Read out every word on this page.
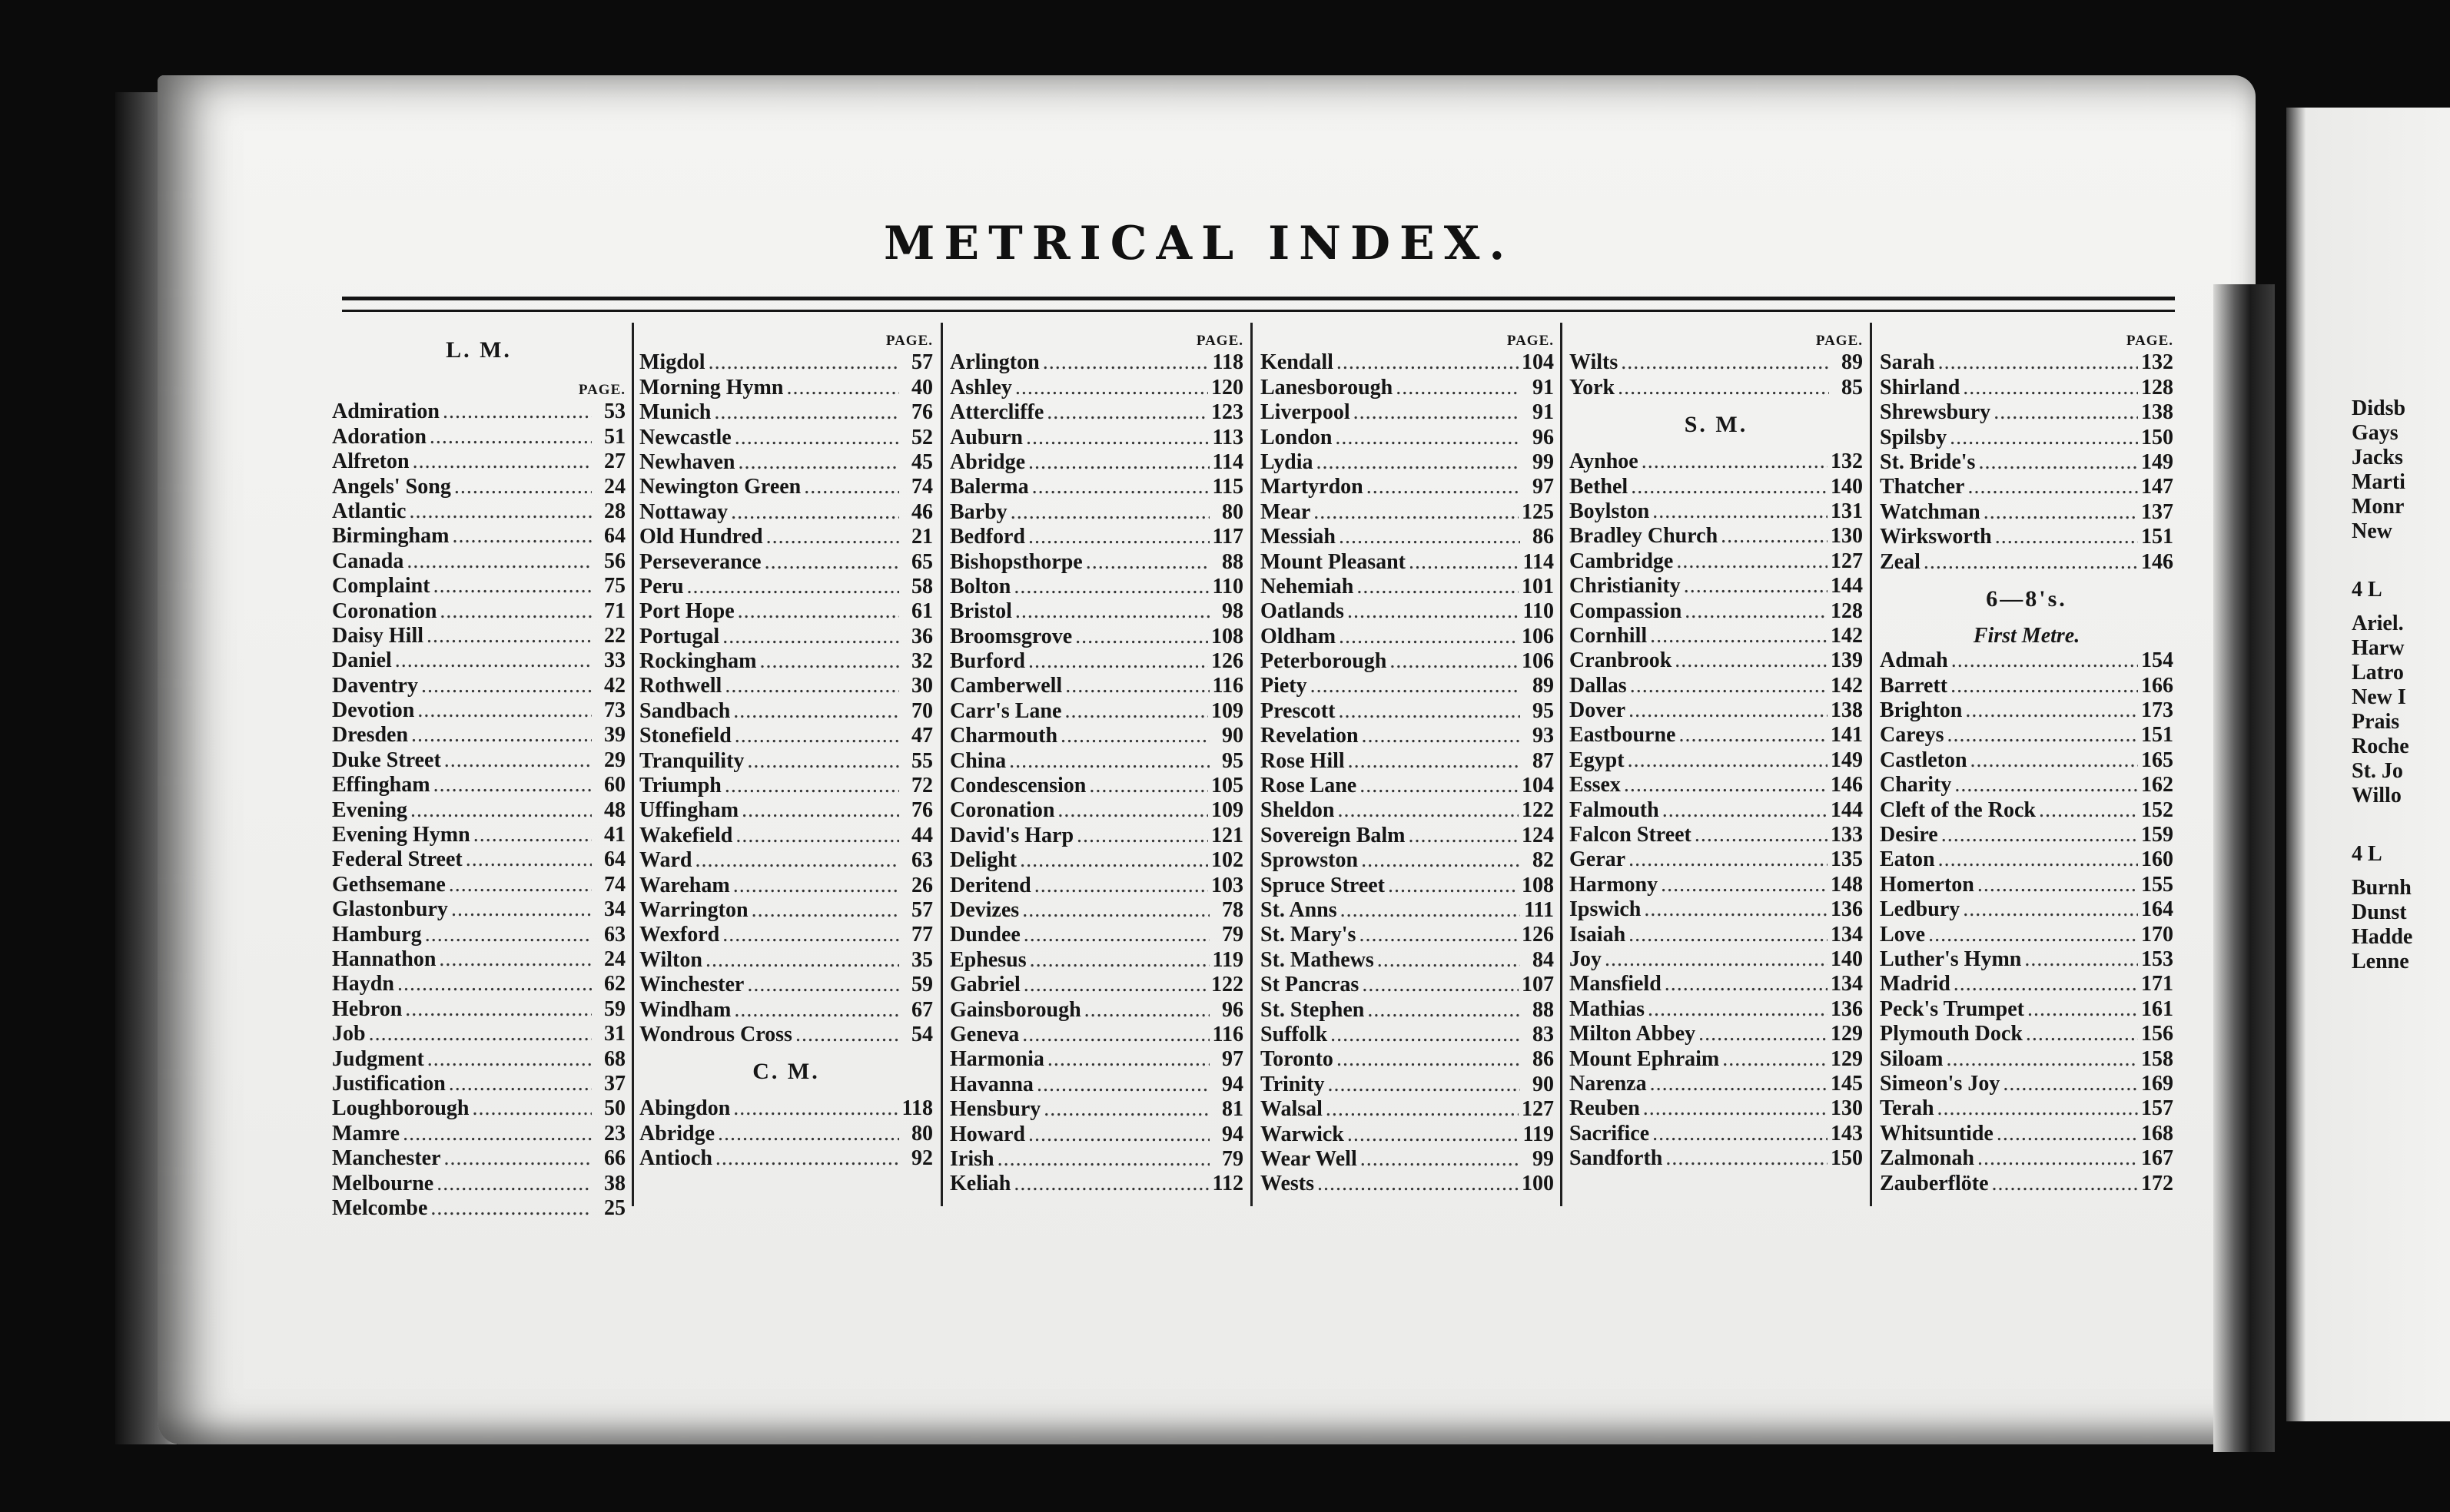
METRICAL INDEX.
L. M.
PAGE.
Admiration .....	53
Adoration .....	51
Alfreton .....	27
Angels' Song .....	24
Atlantic .....	28
Birmingham .....	64
Canada .....	56
Complaint .....	75
Coronation .....	71
Daisy Hill .....	22
Daniel .....	33
Daventry .....	42
Devotion .....	73
Dresden .....	39
Duke Street .....	29
Effingham .....	60
Evening .....	48
Evening Hymn .....	41
Federal Street .....	64
Gethsemane .....	74
Glastonbury .....	34
Hamburg .....	63
Hannathon .....	24
Haydn .....	62
Hebron .....	59
Job .....	31
Judgment .....	68
Justification .....	37
Loughborough .....	50
Mamre .....	23
Manchester .....	66
Melbourne .....	38
Melcombe .....	25
PAGE.
Migdol .....	57
Morning Hymn .....	40
Munich .....	76
Newcastle .....	52
Newhaven .....	45
Newington Green .....	74
Nottaway .....	46
Old Hundred .....	21
Perseverance .....	65
Peru .....	58
Port Hope .....	61
Portugal .....	36
Rockingham .....	32
Rothwell .....	30
Sandbach .....	70
Stonefield .....	47
Tranquility .....	55
Triumph .....	72
Uffingham .....	76
Wakefield .....	44
Ward .....	63
Wareham .....	26
Warrington .....	57
Wexford .....	77
Wilton .....	35
Winchester .....	59
Windham .....	67
Wondrous Cross .....	54
C. M.
Abingdon .....	118
Abridge .....	80
Antioch .....	92
PAGE.
Arlington .....	118
Ashley .....	120
Attercliffe .....	123
Auburn .....	113
Abridge .....	114
Balerma .....	115
Barby .....	80
Bedford .....	117
Bishopsthorpe .....	88
Bolton .....	110
Bristol .....	98
Broomsgrove .....	108
Burford .....	126
Camberwell .....	116
Carr's Lane .....	109
Charmouth .....	90
China .....	95
Condescension .....	105
Coronation .....	109
David's Harp .....	121
Delight .....	102
Deritend .....	103
Devizes .....	78
Dundee .....	79
Ephesus .....	119
Gabriel .....	122
Gainsborough .....	96
Geneva .....	116
Harmonia .....	97
Havanna .....	94
Hensbury .....	81
Howard .....	94
Irish .....	79
Keliah .....	112
PAGE.
Kendall .....	104
Lanesborough .....	91
Liverpool .....	91
London .....	96
Lydia .....	99
Martyrdon .....	97
Mear .....	125
Messiah .....	86
Mount Pleasant .....	114
Nehemiah .....	101
Oatlands .....	110
Oldham .....	106
Peterborough .....	106
Piety .....	89
Prescott .....	95
Revelation .....	93
Rose Hill .....	87
Rose Lane .....	104
Sheldon .....	122
Sovereign Balm .....	124
Sprowston .....	82
Spruce Street .....	108
St. Anns .....	111
St. Mary's .....	126
St. Mathews .....	84
St Pancras .....	107
St. Stephen .....	88
Suffolk .....	83
Toronto .....	86
Trinity .....	90
Walsal .....	127
Warwick .....	119
Wear Well .....	99
Wests .....	100
PAGE.
Wilts .....	89
York .....	85
S. M.
Aynhoe .....	132
Bethel .....	140
Boylston .....	131
Bradley Church .....	130
Cambridge .....	127
Christianity .....	144
Compassion .....	128
Cornhill .....	142
Cranbrook .....	139
Dallas .....	142
Dover .....	138
Eastbourne .....	141
Egypt .....	149
Essex .....	146
Falmouth .....	144
Falcon Street .....	133
Gerar .....	135
Harmony .....	148
Ipswich .....	136
Isaiah .....	134
Joy .....	140
Mansfield .....	134
Mathias .....	136
Milton Abbey .....	129
Mount Ephraim .....	129
Narenza .....	145
Reuben .....	130
Sacrifice .....	143
Sandforth .....	150
PAGE.
Sarah .....	132
Shirland .....	128
Shrewsbury .....	138
Spilsby .....	150
St. Bride's .....	149
Thatcher .....	147
Watchman .....	137
Wirksworth .....	151
Zeal .....	146
6—8's.
First Metre.
Admah .....	154
Barrett .....	166
Brighton .....	173
Careys .....	151
Castleton .....	165
Charity .....	162
Cleft of the Rock .....	152
Desire .....	159
Eaton .....	160
Homerton .....	155
Ledbury .....	164
Love .....	170
Luther's Hymn .....	153
Madrid .....	171
Peck's Trumpet .....	161
Plymouth Dock .....	156
Siloam .....	158
Simeon's Joy .....	169
Terah .....	157
Whitsuntide .....	168
Zalmonah .....	167
Zauberflöte .....	172
Didsb
Gays
Jacks
Marti
Monr
New
4 L
Ariel.
Harw
Latro
New I
Prais
Roche
St. Jo
Willo
4 L
Burnh
Dunst
Hadde
Lenne
